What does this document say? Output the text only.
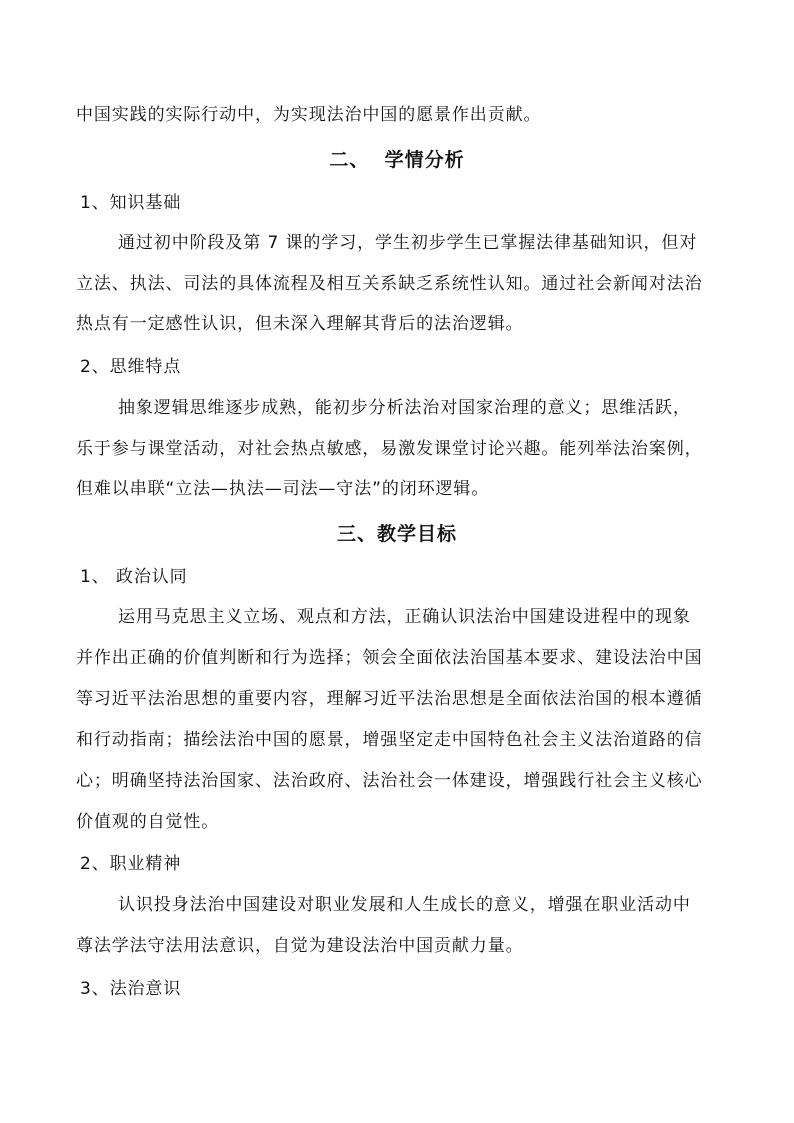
中国实践的实际行动中，为实现法治中国的愿景作出贡献。
二、  学情分析
1、知识基础
通过初中阶段及第 7 课的学习，学生初步学生已掌握法律基础知识，但对
立法、执法、司法的具体流程及相互关系缺乏系统性认知。通过社会新闻对法治
热点有一定感性认识，但未深入理解其背后的法治逻辑。
2、思维特点
抽象逻辑思维逐步成熟，能初步分析法治对国家治理的意义；思维活跃，
乐于参与课堂活动，对社会热点敏感，易激发课堂讨论兴趣。能列举法治案例，
但难以串联“立法—执法—司法—守法”的闭环逻辑。
三、教学目标
1、 政治认同
运用马克思主义立场、观点和方法，正确认识法治中国建设进程中的现象
并作出正确的价值判断和行为选择；领会全面依法治国基本要求、建设法治中国
等习近平法治思想的重要内容，理解习近平法治思想是全面依法治国的根本遵循
和行动指南；描绘法治中国的愿景，增强坚定走中国特色社会主义法治道路的信
心；明确坚持法治国家、法治政府、法治社会一体建设，增强践行社会主义核心
价值观的自觉性。
2、职业精神
认识投身法治中国建设对职业发展和人生成长的意义，增强在职业活动中
尊法学法守法用法意识，自觉为建设法治中国贡献力量。
3、法治意识
